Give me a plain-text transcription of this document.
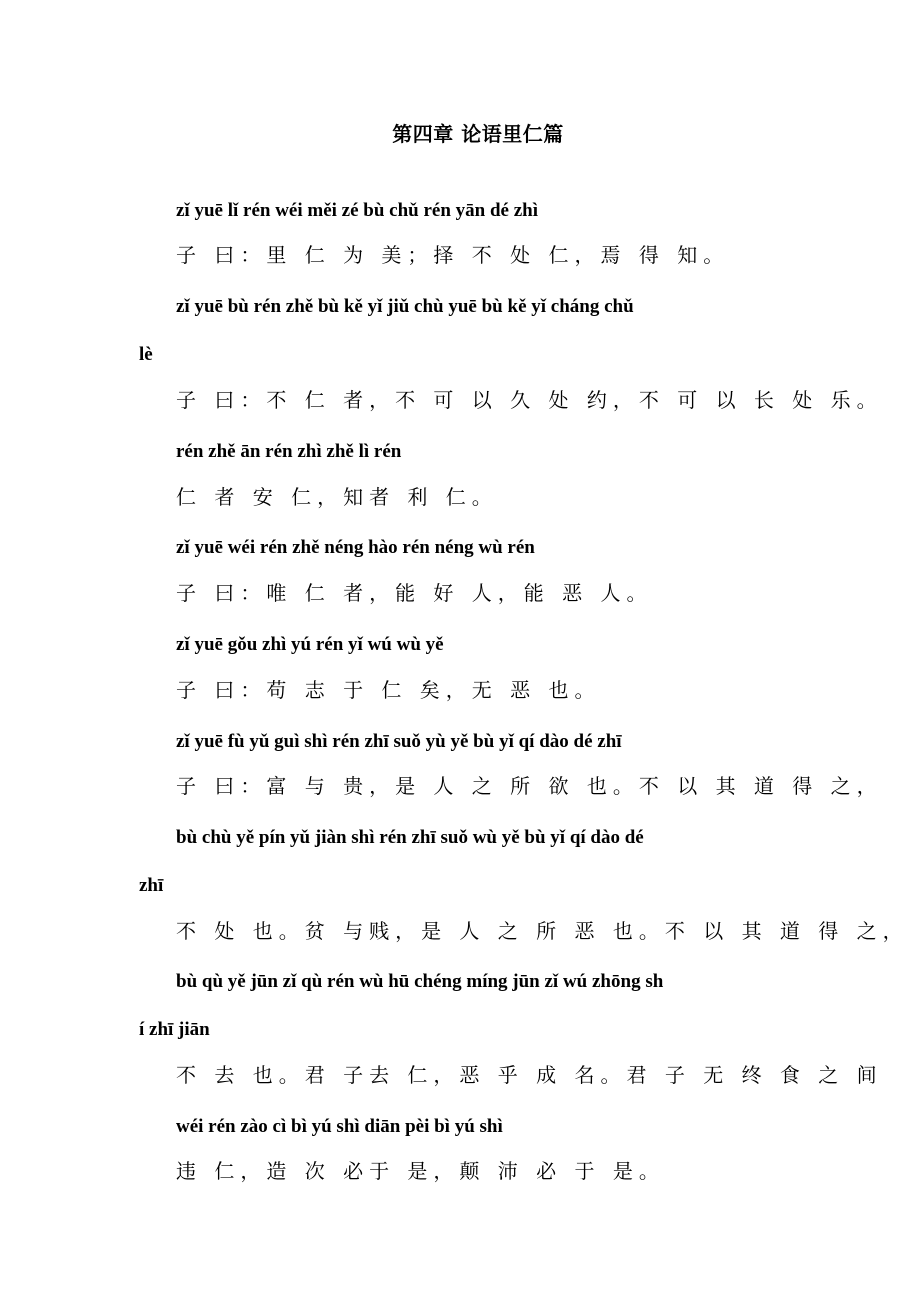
第四章 论语里仁篇
zǐ yuē lǐ rén wéi měi zé bù chǔ rén yān dé zhì
子 曰：里 仁 为 美；择 不 处 仁，焉 得 知。
zǐ yuē bù rén zhě bù kě yǐ jiǔ chù yuē bù kě yǐ cháng chǔ
lè
子 曰：不 仁 者，不 可 以 久 处 约，不 可 以 长 处 乐。
rén zhě ān rén zhì zhě lì rén
仁 者 安 仁，知者 利 仁。
zǐ yuē wéi rén zhě néng hào rén néng wù rén
子 曰：唯 仁 者，能 好 人，能 恶 人。
zǐ yuē gǒu zhì yú rén yǐ wú wù yě
子 曰：苟 志 于 仁 矣，无 恶 也。
zǐ yuē fù yǔ guì shì rén zhī suǒ yù yě bù yǐ qí dào dé zhī
子 曰：富 与 贵，是 人 之 所 欲 也。不 以 其 道 得 之，
bù chù yě pín yǔ jiàn shì rén zhī suǒ wù yě bù yǐ qí dào dé
zhī
不 处 也。贫 与贱，是 人 之 所 恶 也。不 以 其 道 得 之，
bù qù yě jūn zǐ qù rén wù hū chéng míng jūn zǐ wú zhōng sh
í zhī jiān
不 去 也。君 子去 仁，恶 乎 成 名。君 子 无 终 食 之 间
wéi rén zào cì bì yú shì diān pèi bì yú shì
违 仁，造 次 必于 是，颠 沛 必 于 是。
